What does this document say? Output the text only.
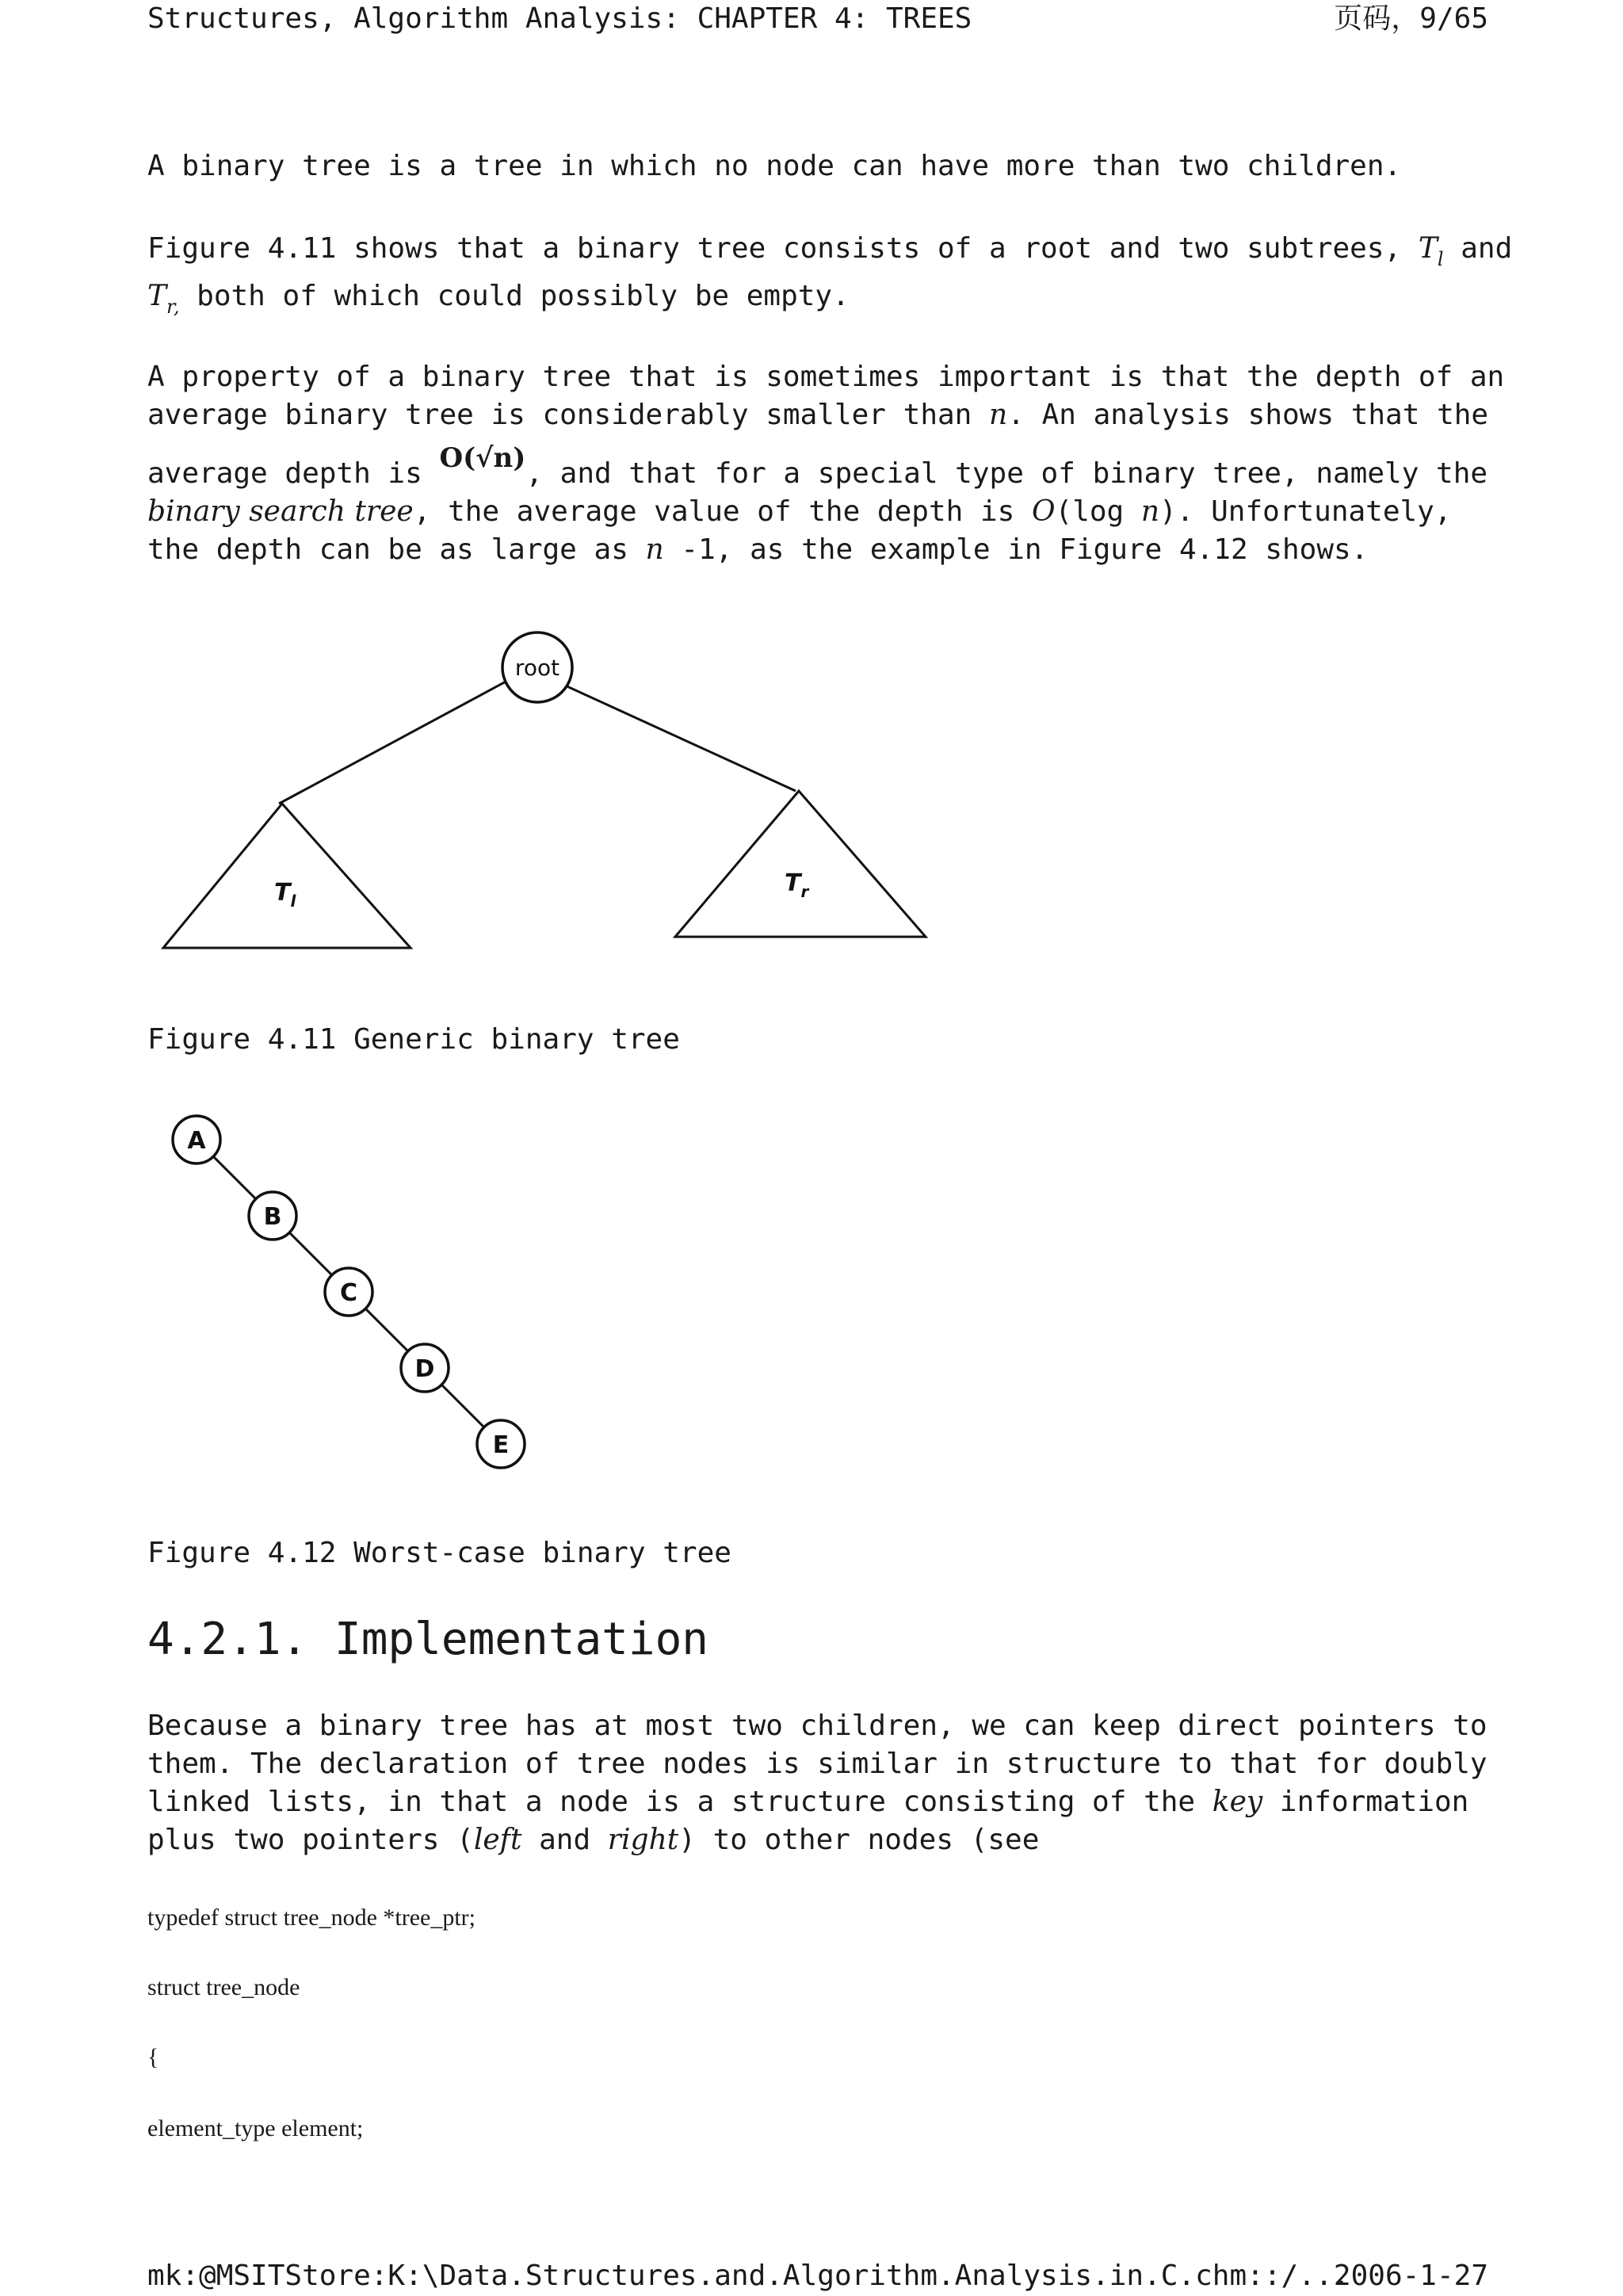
Structures, Algorithm Analysis: CHAPTER 4: TREES	页码，9/65
A binary tree is a tree in which no node can have more than two children.
Figure 4.11 shows that a binary tree consists of a root and two subtrees, $T_l$ and
$T_{r,}$ both of which could possibly be empty.
A property of a binary tree that is sometimes important is that the depth of an
average binary tree is considerably smaller than n. An analysis shows that the
average depth is O(√n), and that for a special type of binary tree, namely the
binary search tree, the average value of the depth is O(log n). Unfortunately,
the depth can be as large as n -1, as the example in Figure 4.12 shows.
root
$T_l$
$T_r$
Figure 4.11 Generic binary tree
A
B
C
D
E
Figure 4.12 Worst-case binary tree
4.2.1. Implementation
Because a binary tree has at most two children, we can keep direct pointers to
them. The declaration of tree nodes is similar in structure to that for doubly
linked lists, in that a node is a structure consisting of the key information
plus two pointers (left and right) to other nodes (see
typedef struct tree_node *tree_ptr;
struct tree_node
{
element_type element;
mk:@MSITStore:K:\Data.Structures.and.Algorithm.Analysis.in.C.chm::/...
2006-1-27
